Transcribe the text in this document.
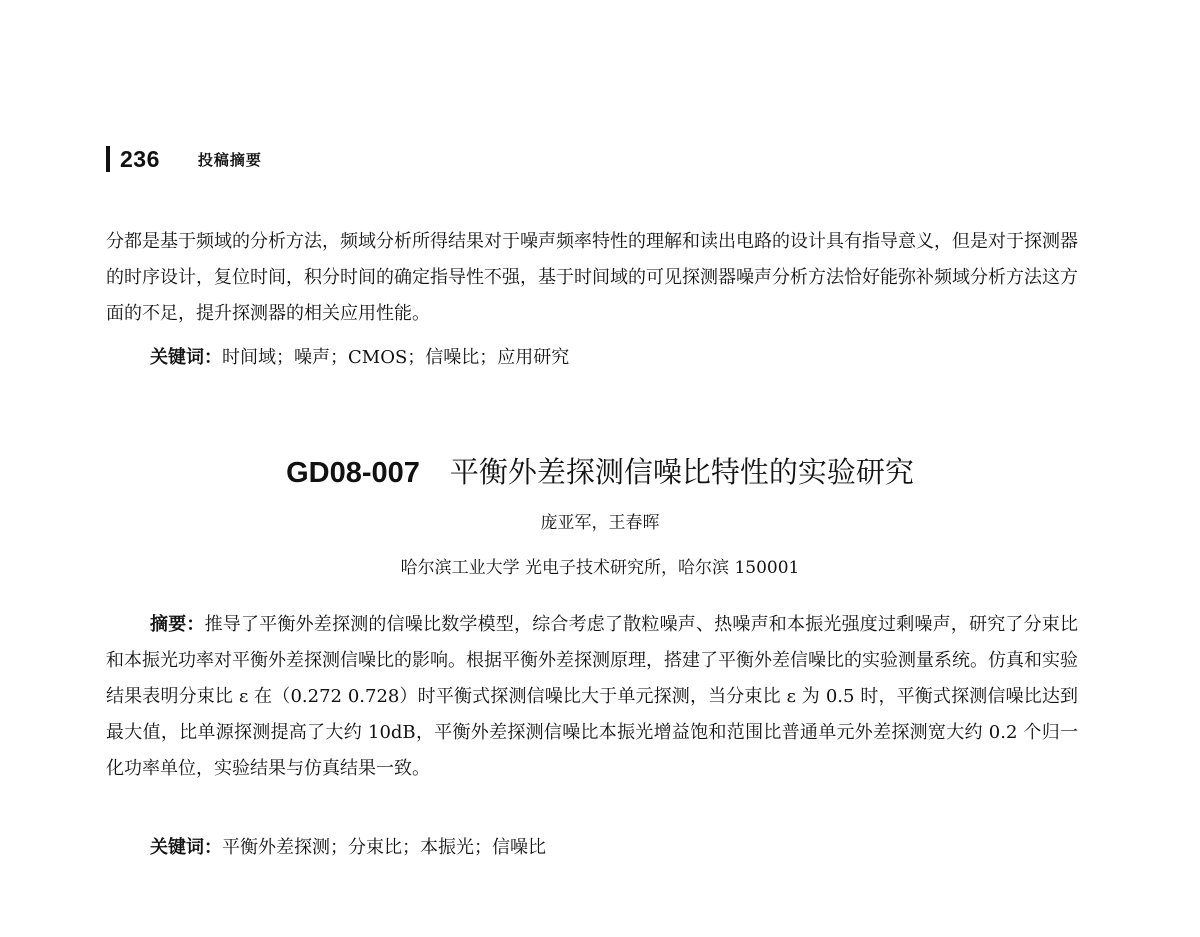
236	投稿摘要

分都是基于频域的分析方法，频域分析所得结果对于噪声频率特性的理解和读出电路的设计具有指导意义，但是对于探测器的时序设计，复位时间，积分时间的确定指导性不强，基于时间域的可见探测器噪声分析方法恰好能弥补频域分析方法这方面的不足，提升探测器的相关应用性能。

关键词：时间域；噪声；CMOS；信噪比；应用研究

GD08-007 平衡外差探测信噪比特性的实验研究

庞亚军，王春晖

哈尔滨工业大学 光电子技术研究所，哈尔滨 150001

摘要：推导了平衡外差探测的信噪比数学模型，综合考虑了散粒噪声、热噪声和本振光强度过剩噪声，研究了分束比和本振光功率对平衡外差探测信噪比的影响。根据平衡外差探测原理，搭建了平衡外差信噪比的实验测量系统。仿真和实验结果表明分束比 ε 在（0.272 0.728）时平衡式探测信噪比大于单元探测，当分束比 ε 为 0.5 时，平衡式探测信噪比达到最大值，比单源探测提高了大约 10dB，平衡外差探测信噪比本振光增益饱和范围比普通单元外差探测宽大约 0.2 个归一化功率单位，实验结果与仿真结果一致。

关键词：平衡外差探测；分束比；本振光；信噪比
